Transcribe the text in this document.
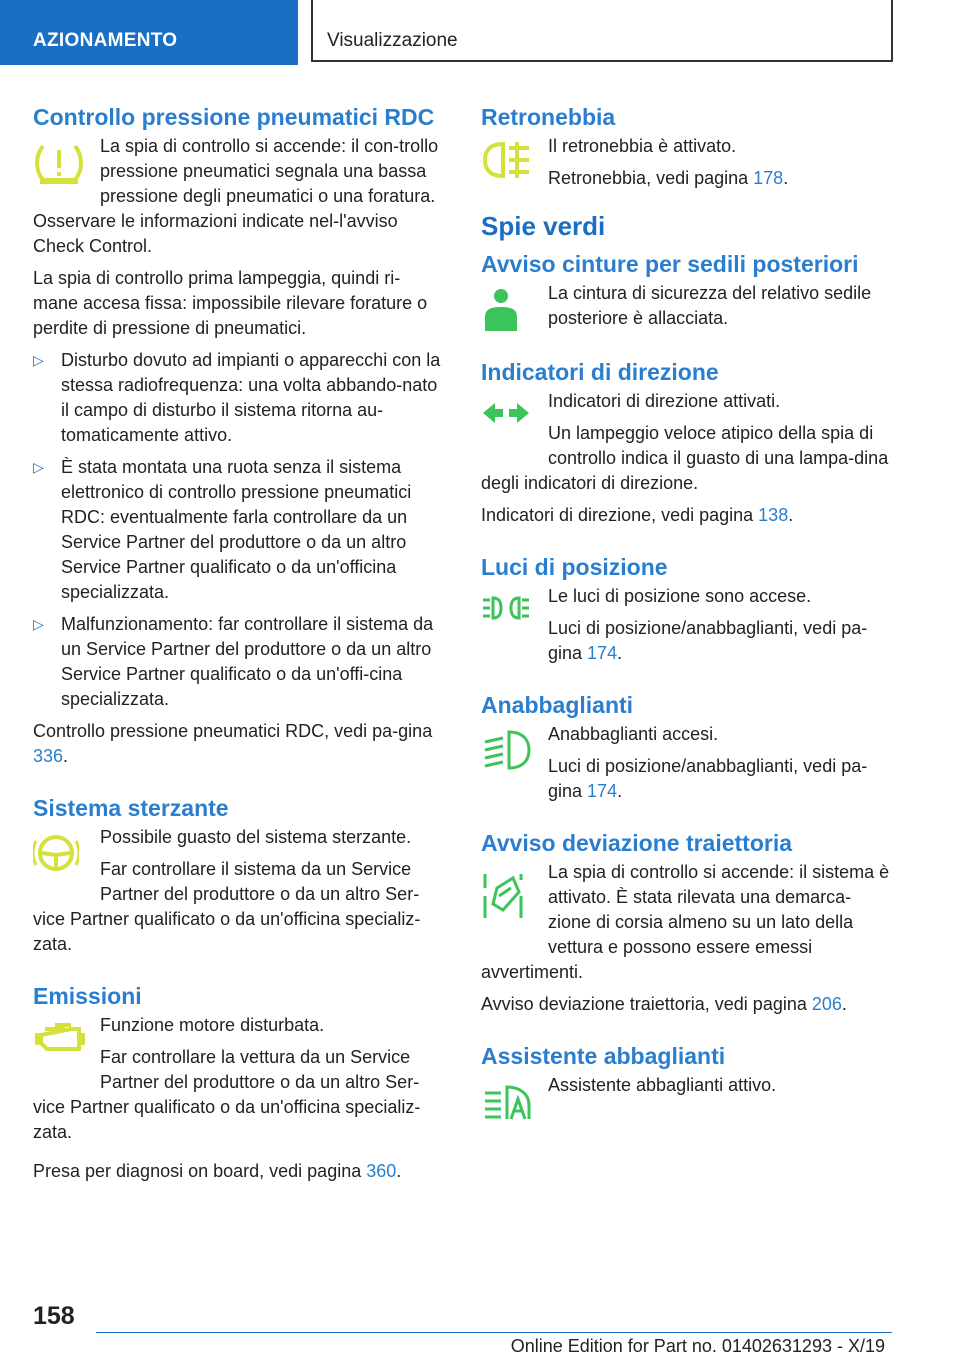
AZIONAMENTO	Visualizzazione
Controllo pressione pneumatici RDC

La spia di controllo si accende: il con-trollo pressione pneumatici segnala una bassa pressione degli pneumatici o una foratura. Osservare le informazioni indicate nel-l'avviso Check Control.

La spia di controllo prima lampeggia, quindi ri-mane accesa fissa: impossibile rilevare forature o perdite di pressione di pneumatici.

▷ Disturbo dovuto ad impianti o apparecchi con la stessa radiofrequenza: una volta abbando-nato il campo di disturbo il sistema ritorna au-tomaticamente attivo.
▷ È stata montata una ruota senza il sistema elettronico di controllo pressione pneumatici RDC: eventualmente farla controllare da un Service Partner del produttore o da un altro Service Partner qualificato o da un'officina specializzata.
▷ Malfunzionamento: far controllare il sistema da un Service Partner del produttore o da un altro Service Partner qualificato o da un'offi-cina specializzata.

Controllo pressione pneumatici RDC, vedi pa-gina 336.

Sistema sterzante

Possibile guasto del sistema sterzante.

Far controllare il sistema da un Service Partner del produttore o da un altro Ser-vice Partner qualificato o da un'officina specializ-zata.

Emissioni

Funzione motore disturbata.

Far controllare la vettura da un Service Partner del produttore o da un altro Ser-vice Partner qualificato o da un'officina specializ-zata.

Presa per diagnosi on board, vedi pagina 360.

Retronebbia

Il retronebbia è attivato.

Retronebbia, vedi pagina 178.

Spie verdi
Avviso cinture per sedili posteriori

La cintura di sicurezza del relativo sedile posteriore è allacciata.

Indicatori di direzione

Indicatori di direzione attivati.

Un lampeggio veloce atipico della spia di controllo indica il guasto di una lampa-dina degli indicatori di direzione.

Indicatori di direzione, vedi pagina 138.

Luci di posizione

Le luci di posizione sono accese.

Luci di posizione/anabbaglianti, vedi pa-gina 174.

Anabbaglianti

Anabbaglianti accesi.

Luci di posizione/anabbaglianti, vedi pa-gina 174.

Avviso deviazione traiettoria

La spia di controllo si accende: il sistema è attivato. È stata rilevata una demarca-zione di corsia almeno su un lato della vettura e possono essere emessi avvertimenti.

Avviso deviazione traiettoria, vedi pagina 206.

Assistente abbaglianti

Assistente abbaglianti attivo.

158
Online Edition for Part no. 01402631293 - X/19
